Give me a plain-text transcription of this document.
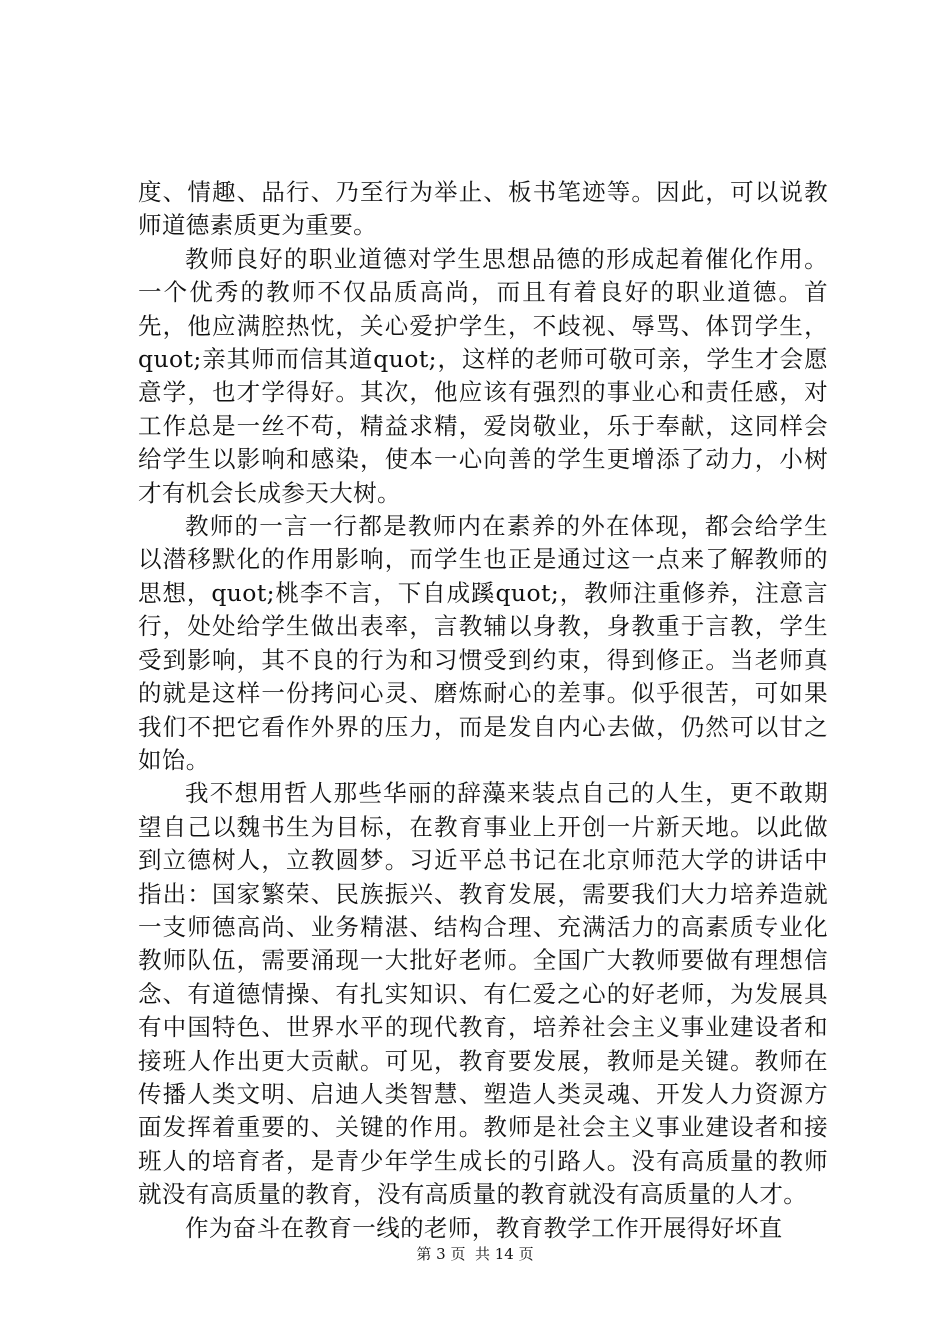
度、情趣、品行、乃至行为举止、板书笔迹等。因此，可以说教师道德素质更为重要。

教师良好的职业道德对学生思想品德的形成起着催化作用。一个优秀的教师不仅品质高尚，而且有着良好的职业道德。首先，他应满腔热忱，关心爱护学生，不歧视、辱骂、体罚学生，quot;亲其师而信其道quot;，这样的老师可敬可亲，学生才会愿意学，也才学得好。其次，他应该有强烈的事业心和责任感，对工作总是一丝不苟，精益求精，爱岗敬业，乐于奉献，这同样会给学生以影响和感染，使本一心向善的学生更增添了动力，小树才有机会长成参天大树。

教师的一言一行都是教师内在素养的外在体现，都会给学生以潜移默化的作用影响，而学生也正是通过这一点来了解教师的思想，quot;桃李不言，下自成蹊quot;，教师注重修养，注意言行，处处给学生做出表率，言教辅以身教，身教重于言教，学生受到影响，其不良的行为和习惯受到约束，得到修正。当老师真的就是这样一份拷问心灵、磨炼耐心的差事。似乎很苦，可如果我们不把它看作外界的压力，而是发自内心去做，仍然可以甘之如饴。

我不想用哲人那些华丽的辞藻来装点自己的人生，更不敢期望自己以魏书生为目标，在教育事业上开创一片新天地。以此做到立德树人，立教圆梦。习近平总书记在北京师范大学的讲话中指出：国家繁荣、民族振兴、教育发展，需要我们大力培养造就一支师德高尚、业务精湛、结构合理、充满活力的高素质专业化教师队伍，需要涌现一大批好老师。全国广大教师要做有理想信念、有道德情操、有扎实知识、有仁爱之心的好老师，为发展具有中国特色、世界水平的现代教育，培养社会主义事业建设者和接班人作出更大贡献。可见，教育要发展，教师是关键。教师在传播人类文明、启迪人类智慧、塑造人类灵魂、开发人力资源方面发挥着重要的、关键的作用。教师是社会主义事业建设者和接班人的培育者，是青少年学生成长的引路人。没有高质量的教师就没有高质量的教育，没有高质量的教育就没有高质量的人才。

作为奋斗在教育一线的老师，教育教学工作开展得好坏直

第 3 页  共 14 页
